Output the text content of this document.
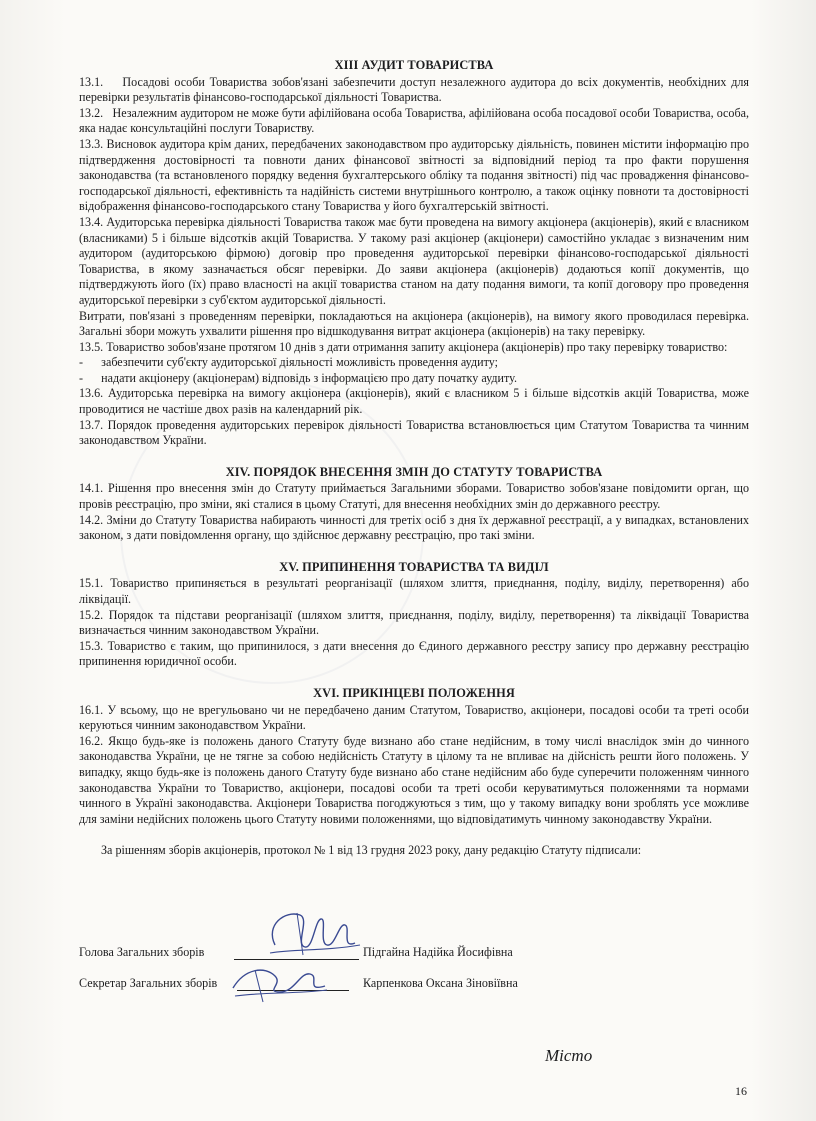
XIII АУДИТ ТОВАРИСТВА

13.1.    Посадові особи Товариства зобов'язані забезпечити доступ незалежного аудитора до всіх документів, необхідних для перевірки результатів фінансово-господарської діяльності Товариства.

13.2.   Незалежним аудитором не може бути афілійована особа Товариства, афілійована особа посадової особи Товариства, особа, яка надає консультаційні послуги Товариству.

13.3. Висновок аудитора крім даних, передбачених законодавством про аудиторську діяльність, повинен містити інформацію про підтвердження достовірності та повноти даних фінансової звітності за відповідний період та про факти порушення законодавства (та встановленого порядку ведення бухгалтерського обліку та подання звітності) під час провадження фінансово-господарської діяльності, ефективність та надійність системи внутрішнього контролю, а також оцінку повноти та достовірності відображення фінансово-господарського стану Товариства у його бухгалтерській звітності.

13.4. Аудиторська перевірка діяльності Товариства також має бути проведена на вимогу акціонера (акціонерів), який є власником (власниками) 5 і більше відсотків акцій Товариства. У такому разі акціонер (акціонери) самостійно укладає з визначеним ним аудитором (аудиторською фірмою) договір про проведення аудиторської перевірки фінансово-господарської діяльності Товариства, в якому зазначається обсяг перевірки. До заяви акціонера (акціонерів) додаються копії документів, що підтверджують його (їх) право власності на акції товариства станом на дату подання вимоги, та копії договору про проведення аудиторської перевірки з суб'єктом аудиторської діяльності.

Витрати, пов'язані з проведенням перевірки, покладаються на акціонера (акціонерів), на вимогу якого проводилася перевірка. Загальні збори можуть ухвалити рішення про відшкодування витрат акціонера (акціонерів) на таку перевірку.

13.5. Товариство зобов'язане протягом 10 днів з дати отримання запиту акціонера (акціонерів) про таку перевірку товариство:

-      забезпечити суб'єкту аудиторської діяльності можливість проведення аудиту;

-      надати акціонеру (акціонерам) відповідь з інформацією про дату початку аудиту.

13.6. Аудиторська перевірка на вимогу акціонера (акціонерів), який є власником 5 і більше відсотків акцій Товариства, може проводитися не частіше двох разів на календарний рік.

13.7. Порядок проведення аудиторських перевірок діяльності Товариства встановлюється цим Статутом Товариства та чинним законодавством України.

XIV. ПОРЯДОК ВНЕСЕННЯ ЗМІН ДО СТАТУТУ ТОВАРИСТВА

14.1. Рішення про внесення змін до Статуту приймається Загальними зборами. Товариство зобов'язане повідомити орган, що провів реєстрацію, про зміни, які сталися в цьому Статуті, для внесення необхідних змін до державного реєстру.

14.2. Зміни до Статуту Товариства набирають чинності для третіх осіб з дня їх державної реєстрації, а у випадках, встановлених законом, з дати повідомлення органу, що здійснює державну реєстрацію, про такі зміни.

XV. ПРИПИНЕННЯ ТОВАРИСТВА ТА ВИДІЛ

15.1. Товариство припиняється в результаті реорганізації (шляхом злиття, приєднання, поділу, виділу, перетворення) або ліквідації.

15.2. Порядок та підстави реорганізації (шляхом злиття, приєднання, поділу, виділу, перетворення) та ліквідації Товариства визначається чинним законодавством України.

15.3. Товариство є таким, що припинилося, з дати внесення до Єдиного державного реєстру запису про державну реєстрацію припинення юридичної особи.

XVI. ПРИКІНЦЕВІ ПОЛОЖЕННЯ

16.1. У всьому, що не врегульовано чи не передбачено даним Статутом, Товариство, акціонери, посадові особи та треті особи керуються чинним законодавством України.

16.2. Якщо будь-яке із положень даного Статуту буде визнано або стане недійсним, в тому числі внаслідок змін до чинного законодавства України, це не тягне за собою недійсність Статуту в цілому та не впливає на дійсність решти його положень. У випадку, якщо будь-яке із положень даного Статуту буде визнано або стане недійсним або буде суперечити положенням чинного законодавства України то Товариство, акціонери, посадові особи та треті особи керуватимуться положеннями та нормами чинного в Україні законодавства. Акціонери Товариства погоджуються з тим, що у такому випадку вони зроблять усе можливе для заміни недійсних положень цього Статуту новими положеннями, що відповідатимуть чинному законодавству України.

За рішенням зборів акціонерів, протокол № 1 від 13 грудня 2023 року, дану редакцію Статуту підписали:

Голова Загальних зборів	Підгайна Надійка Йосифівна
Секретар Загальних зборів	Карпенкова Оксана Зіновіївна
Місто
16
